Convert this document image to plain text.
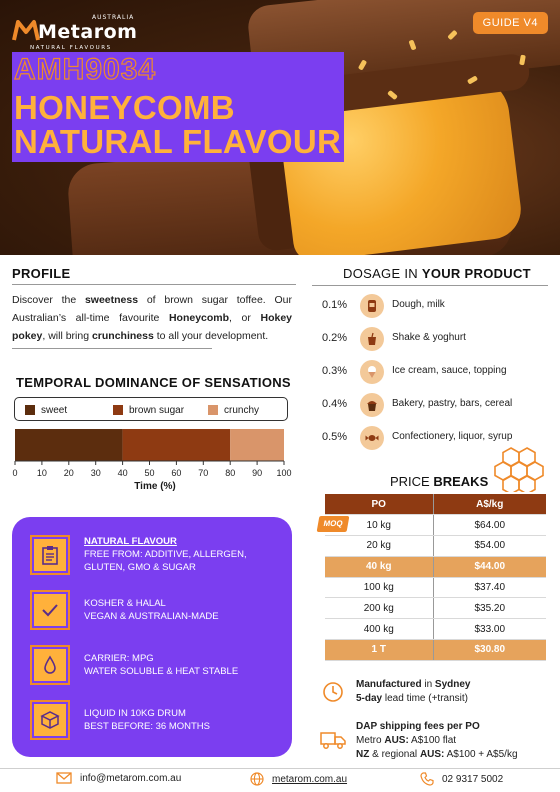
Metarom
AUSTRALIA
NATURAL FLAVOURS
GUIDE V4
AMH9034
HONEYCOMB
NATURAL FLAVOUR
PROFILE
Discover the sweetness of brown sugar toffee. Our Australian’s all-time favourite Honeycomb, or Hokey pokey, will bring crunchiness to all your development.
TEMPORAL DOMINANCE OF SENSATIONS
sweet	brown sugar	crunchy
0 10 20 30 40 50 60 70 80 90 100
Time (%)
NATURAL FLAVOUR
FREE FROM: ADDITIVE, ALLERGEN,
GLUTEN, GMO & SUGAR
KOSHER & HALAL
VEGAN & AUSTRALIAN-MADE
CARRIER: MPG
WATER SOLUBLE & HEAT STABLE
LIQUID IN 10KG DRUM
BEST BEFORE: 36 MONTHS
DOSAGE IN YOUR PRODUCT
0.1%	Dough, milk
0.2%	Shake & yoghurt
0.3%	Ice cream, sauce, topping
0.4%	Bakery, pastry, bars, cereal
0.5%	Confectionery, liquor, syrup
PRICE BREAKS
PO	A$/kg
10 kg	$64.00
20 kg	$54.00
40 kg	$44.00
100 kg	$37.40
200 kg	$35.20
400 kg	$33.00
1 T	$30.80
MOQ
Manufactured in Sydney
5-day lead time (+transit)
DAP shipping fees per PO
Metro AUS: A$100 flat
NZ & regional AUS: A$100 + A$5/kg
info@metarom.com.au	metarom.com.au	02 9317 5002
